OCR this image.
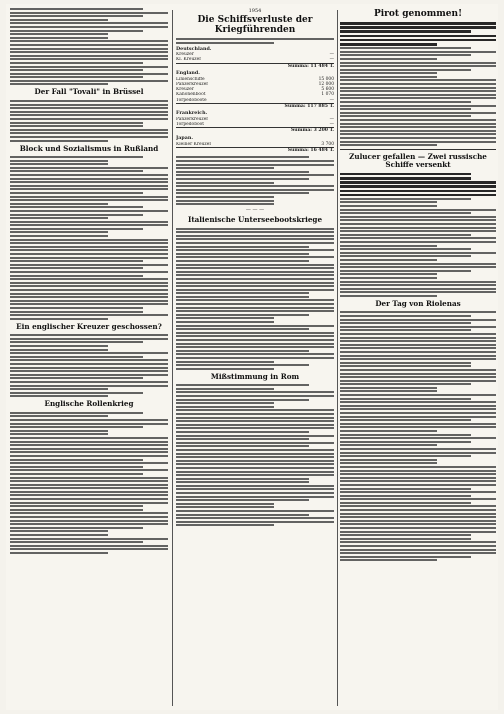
Der Fall "Tovali" in Brüssel
Block und Sozialismus in Rußland
Ein englischer Kreuzer geschossen?
Englische Rollenkrieg
1954
Die Schiffsverluste der Kriegführenden
Deutschland.
Kreuzer	—
Kl. Kreuzer	—
Summa: 11 484 T.
England.
Linienschiffe	15 000
Panzerkreuzer	12 000
Kreuzer	5 600
Kanonenboot	1 070
Torpedoboote	—
Summa: 117 885 T.
Frankreich.
Panzerkreuzer	—
Torpedoboot	—
Summa: 3 200 T.
Japan.
Kleiner Kreuzer	3 700
Summa: 16 484 T.
— — —
Italienische Unterseebootskriege
Mißstimmung in Rom
Pirot genommen!
Zulucer gefallen — Zwei russische Schiffe versenkt
Der Tag von Riolenas
